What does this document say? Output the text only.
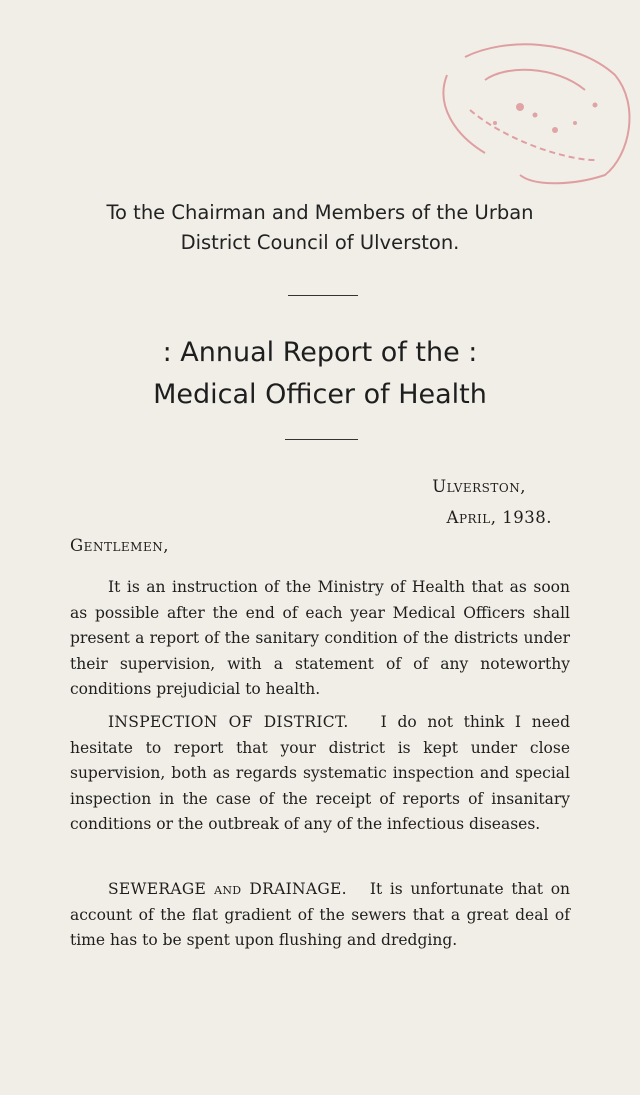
To the Chairman and Members of the Urban
District Council of Ulverston.
: Annual Report of the :
Medical Officer of Health
Ulverston,
April, 1938.
Gentlemen,

It is an instruction of the Ministry of Health that as soon as possible after the end of each year Medical Officers shall present a report of the sanitary condition of the districts under their supervision, with a statement of of any noteworthy conditions prejudicial to health.

INSPECTION OF DISTRICT. I do not think I need hesitate to report that your district is kept under close supervision, both as regards systematic inspection and special inspection in the case of the receipt of reports of insanitary conditions or the outbreak of any of the infectious diseases.

SEWERAGE and DRAINAGE. It is unfortunate that on account of the flat gradient of the sewers that a great deal of time has to be spent upon flushing and dredging.
